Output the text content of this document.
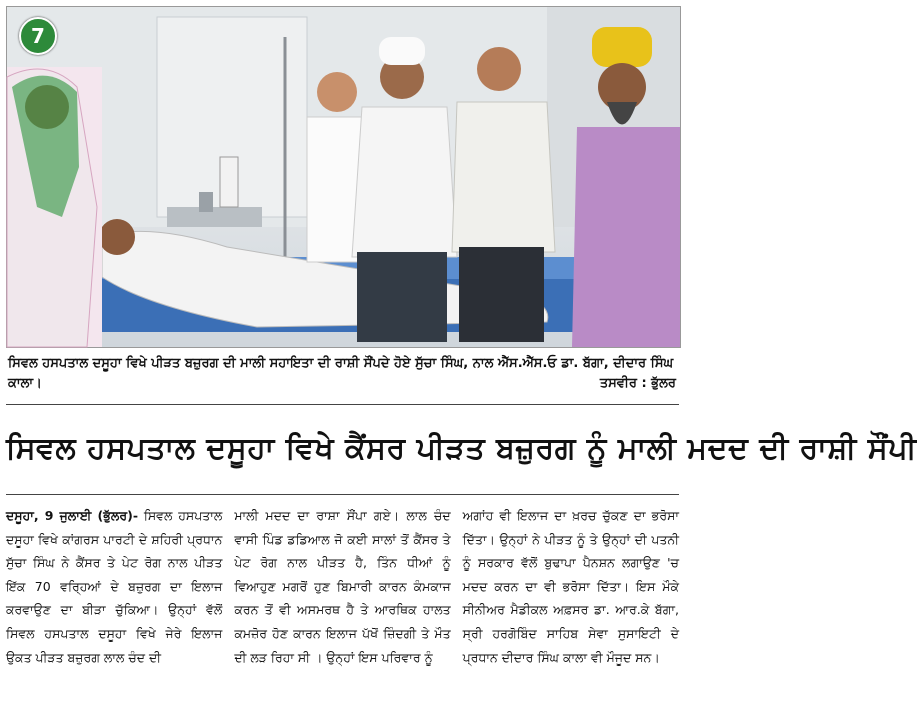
7
ਸਿਵਲ ਹਸਪਤਾਲ ਦਸੂਹਾ ਵਿਖੇ ਪੀੜਤ ਬਜ਼ੁਰਗ ਦੀ ਮਾਲੀ ਸਹਾਇਤਾ ਦੀ ਰਾਸ਼ੀ ਸੌਂਪਦੇ ਹੋਏ ਸੁੱਚਾ ਸਿੰਘ, ਨਾਲ ਐੱਸ.ਐੱਸ.ਓ ਡਾ. ਬੱਗਾ, ਦੀਦਾਰ ਸਿੰਘ ਕਾਲਾ।	ਤਸਵੀਰ : ਭੁੱਲਰ
ਸਿਵਲ ਹਸਪਤਾਲ ਦਸੂਹਾ ਵਿਖੇ ਕੈਂਸਰ ਪੀੜਤ ਬਜ਼ੁਰਗ ਨੂੰ ਮਾਲੀ ਮਦਦ ਦੀ ਰਾਸ਼ੀ ਸੌਂਪੀ
ਦਸੂਹਾ, 9 ਜੁਲਾਈ (ਭੁੱਲਰ)- ਸਿਵਲ ਹਸਪਤਾਲ ਦਸੂਹਾ ਵਿਖੇ ਕਾਂਗਰਸ ਪਾਰਟੀ ਦੇ ਸ਼ਹਿਰੀ ਪ੍ਰਧਾਨ ਸੁੱਚਾ ਸਿੰਘ ਨੇ ਕੈਂਸਰ ਤੇ ਪੇਟ ਰੋਗ ਨਾਲ ਪੀੜਤ ਇੱਕ 70 ਵਰ੍ਹਿਆਂ ਦੇ ਬਜ਼ੁਰਗ ਦਾ ਇਲਾਜ ਕਰਵਾਉਣ ਦਾ ਬੀੜਾ ਚੁੱਕਿਆ। ਉਨ੍ਹਾਂ ਵੱਲੋਂ ਸਿਵਲ ਹਸਪਤਾਲ ਦਸੂਹਾ ਵਿਖੇ ਜੇਰੇ ਇਲਾਜ ਉਕਤ ਪੀੜਤ ਬਜ਼ੁਰਗ ਲਾਲ ਚੰਦ ਦੀ
ਮਾਲੀ ਮਦਦ ਦਾ ਰਾਸ਼ਾ ਸੌਂਪਾ ਗਏ। ਲਾਲ ਚੰਦ ਵਾਸੀ ਪਿੰਡ ਡਡਿਆਲ ਜੋ ਕਈ ਸਾਲਾਂ ਤੋਂ ਕੈਂਸਰ ਤੇ ਪੇਟ ਰੋਗ ਨਾਲ ਪੀੜਤ ਹੈ, ਤਿੰਨ ਧੀਆਂ ਨੂੰ ਵਿਆਹੁਣ ਮਗਰੋਂ ਹੁਣ ਬਿਮਾਰੀ ਕਾਰਨ ਕੰਮਕਾਜ ਕਰਨ ਤੋਂ ਵੀ ਅਸਮਰਥ ਹੈ ਤੇ ਆਰਥਿਕ ਹਾਲਤ ਕਮਜ਼ੋਰ ਹੋਣ ਕਾਰਨ ਇਲਾਜ ਪੱਖੋਂ ਜ਼ਿੰਦਗੀ ਤੇ ਮੌਤ ਦੀ ਲੜ ਰਿਹਾ ਸੀ । ਉਨ੍ਹਾਂ ਇਸ ਪਰਿਵਾਰ ਨੂੰ
ਅਗਾਂਹ ਵੀ ਇਲਾਜ ਦਾ ਖ਼ਰਚ ਚੁੱਕਣ ਦਾ ਭਰੋਸਾ ਦਿੱਤਾ। ਉਨ੍ਹਾਂ ਨੇ ਪੀੜਤ ਨੂੰ ਤੇ ਉਨ੍ਹਾਂ ਦੀ ਪਤਨੀ ਨੂੰ ਸਰਕਾਰ ਵੱਲੋਂ ਬੁਢਾਪਾ ਪੈਨਸ਼ਨ ਲਗਾਉਣ 'ਚ ਮਦਦ ਕਰਨ ਦਾ ਵੀ ਭਰੋਸਾ ਦਿੱਤਾ। ਇਸ ਮੌਕੇ ਸੀਨੀਅਰ ਮੈਡੀਕਲ ਅਫ਼ਸਰ ਡਾ. ਆਰ.ਕੇ ਬੱਗਾ, ਸ੍ਰੀ ਹਰਗੋਬਿੰਦ ਸਾਹਿਬ ਸੇਵਾ ਸੁਸਾਇਟੀ ਦੇ ਪ੍ਰਧਾਨ ਦੀਦਾਰ ਸਿੰਘ ਕਾਲਾ ਵੀ ਮੌਜੂਦ ਸਨ।
